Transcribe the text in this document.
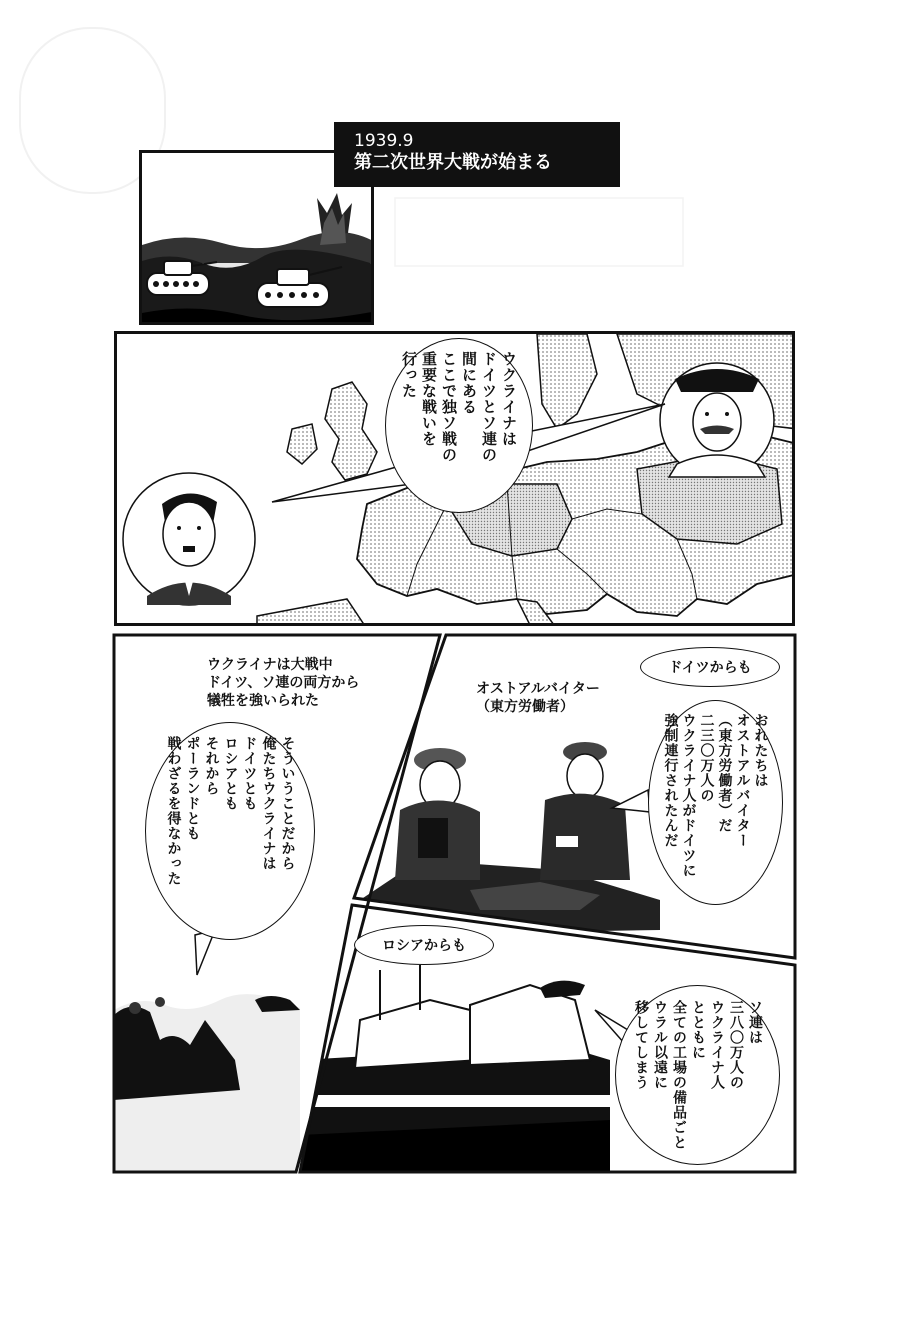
1939.9
第二次世界大戦が始まる
ウクライナは
ドイツとソ連の
間にある
ここで独ソ戦の
重要な戦いを
行った
ウクライナは大戦中
ドイツ、ソ連の両方から
犠牲を強いられた
そういうことだから
俺たちウクライナは
ドイツとも
ロシアとも
それから
ポーランドとも
戦わざるを得なかった
ドイツからも
オストアルバイター
（東方労働者）
おれたちは
オストアルバイター
（東方労働者）だ
二三〇万人の
ウクライナ人がドイツに
強制連行されたんだ
ロシアからも
ソ連は
三八〇万人の
ウクライナ人
とともに
全ての工場の備品ごと
ウラル以遠に
移してしまう
